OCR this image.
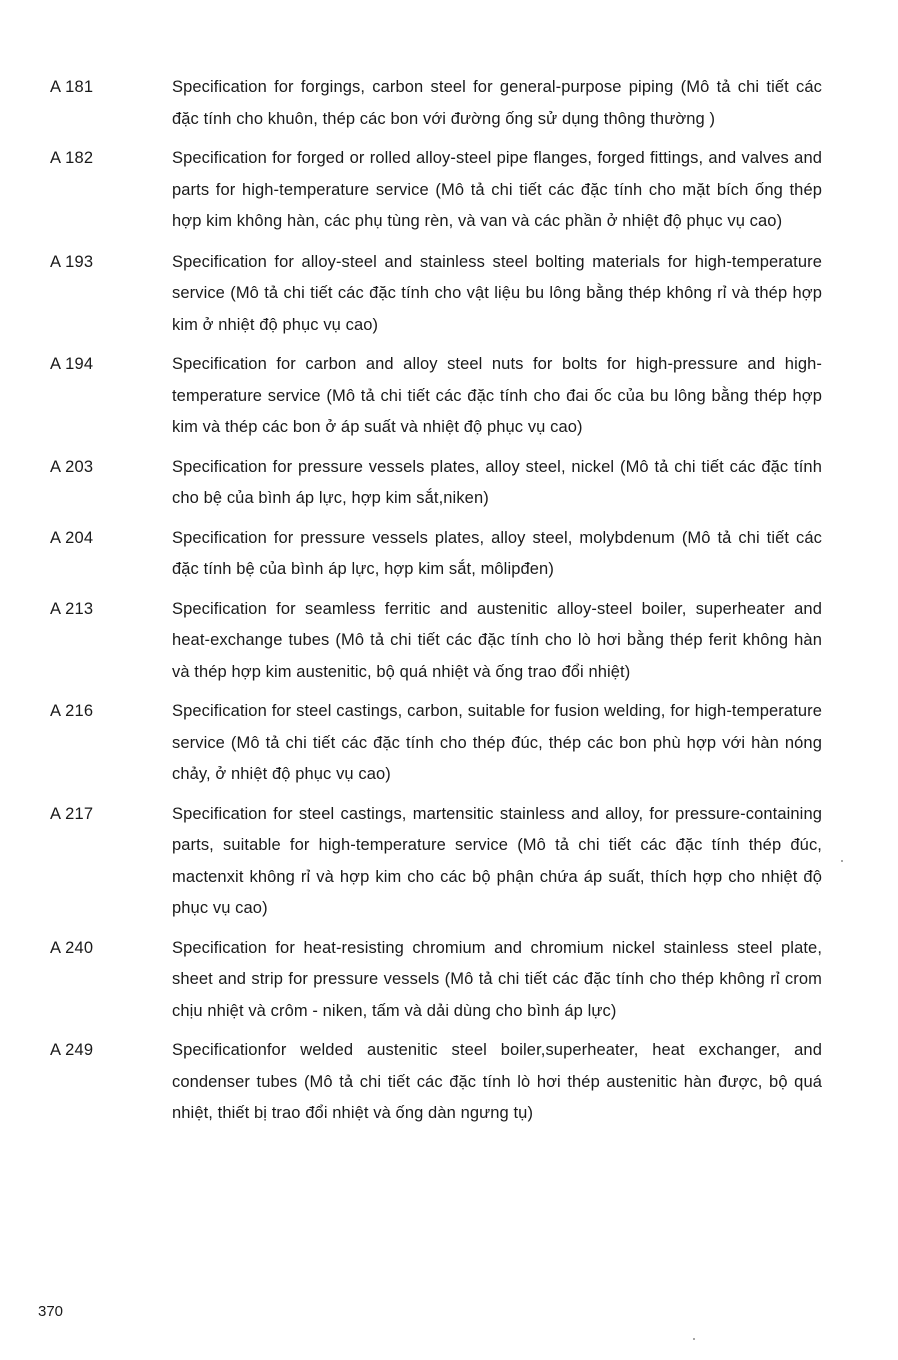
A 181	Specification for forgings, carbon steel for general-purpose piping (Mô tả chi tiết các đặc tính cho khuôn, thép các bon với đường ống sử dụng thông thường )
A 182	Specification for forged or rolled alloy-steel pipe flanges, forged fittings, and valves and parts for high-temperature service (Mô tả chi tiết các đặc tính cho mặt bích ống thép hợp kim không hàn, các phụ tùng rèn, và van và các phần ở nhiệt độ phục vụ cao)
A 193	Specification for alloy-steel and stainless steel bolting materials for high-temperature service (Mô tả chi tiết các đặc tính cho vật liệu bu lông bằng thép không rỉ và thép hợp kim ở nhiệt độ phục vụ cao)
A 194	Specification for carbon and alloy steel nuts for bolts for high-pressure and high-temperature service (Mô tả chi tiết các đặc tính cho đai ốc của bu lông bằng thép hợp kim và thép các bon ở áp suất và nhiệt độ phục vụ cao)
A 203	Specification for pressure vessels plates, alloy steel, nickel (Mô tả chi tiết các đặc tính cho bệ của bình áp lực, hợp kim sắt,niken)
A 204	Specification for pressure vessels plates, alloy steel, molybdenum (Mô tả chi tiết các đặc tính bệ của bình áp lực, hợp kim sắt, môlipđen)
A 213	Specification for seamless ferritic and austenitic alloy-steel boiler, superheater and heat-exchange tubes (Mô tả chi tiết các đặc tính cho lò hơi bằng thép ferit không hàn và thép hợp kim austenitic, bộ quá nhiệt và ống trao đổi nhiệt)
A 216	Specification for steel castings, carbon, suitable for fusion welding, for high-temperature service (Mô tả chi tiết các đặc tính cho thép đúc, thép các bon phù hợp với hàn nóng chảy, ở nhiệt độ phục vụ cao)
A 217	Specification for steel castings, martensitic stainless and alloy, for pressure-containing parts, suitable for high-temperature service (Mô tả chi tiết các đặc tính thép đúc, mactenxit không rỉ và hợp kim cho các bộ phận chứa áp suất, thích hợp cho nhiệt độ phục vụ cao)
A 240	Specification for heat-resisting chromium and chromium nickel stainless steel plate, sheet and strip for pressure vessels (Mô tả chi tiết các đặc tính cho thép không rỉ crom chịu nhiệt và crôm - niken, tấm và dải dùng cho bình áp lực)
A 249	Specificationfor welded austenitic steel boiler,superheater, heat exchanger, and condenser tubes (Mô tả chi tiết các đặc tính lò hơi thép austenitic hàn được, bộ quá nhiệt, thiết bị trao đổi nhiệt và ống dàn ngưng tụ)
370
